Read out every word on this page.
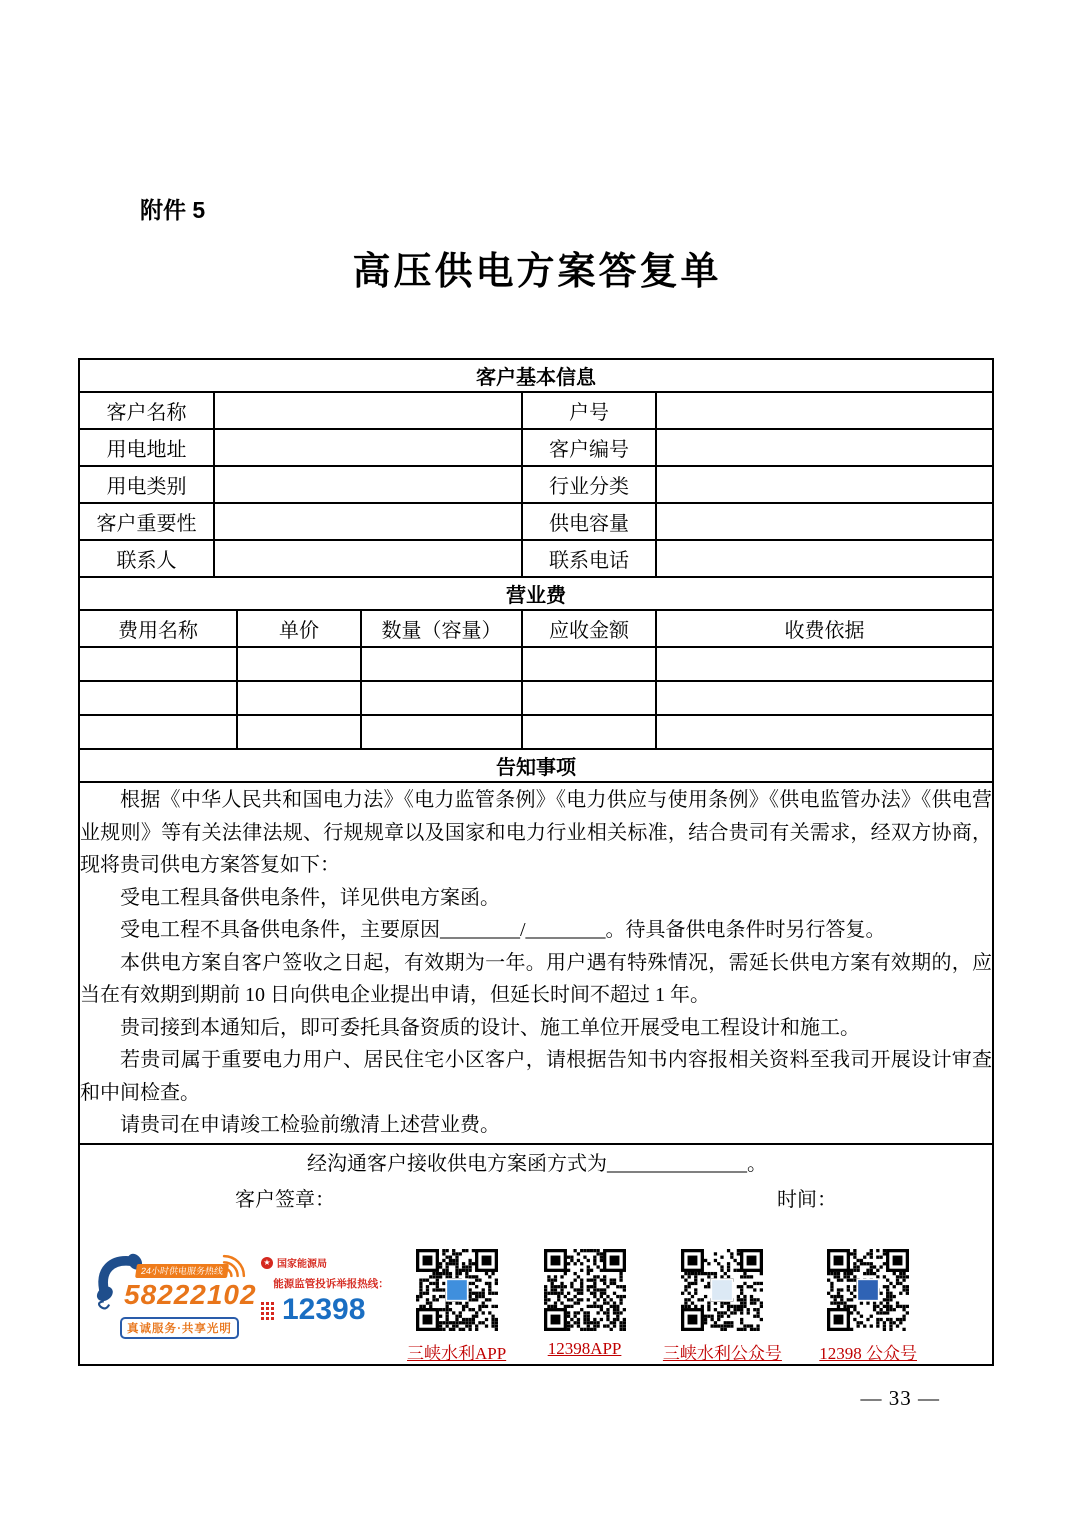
附件 5
高压供电方案答复单
客户基本信息					
客户名称				户号	
用电地址				客户编号	
用电类别				行业分类	
客户重要性				供电容量	
联系人				联系电话	
营业费					
费用名称		单价	数量（容量）	应收金额	收费依据

告知事项					

根据《中华人民共和国电力法》《电力监管条例》《电力供应与使用条例》《供电监管办法》《供电营业规则》等有关法律法规、行规规章以及国家和电力行业相关标准，结合贵司有关需求，经双方协商，现将贵司供电方案答复如下：

受电工程具备供电条件，详见供电方案函。

受电工程不具备供电条件，主要原因________/________。待具备供电条件时另行答复。

本供电方案自客户签收之日起，有效期为一年。用户遇有特殊情况，需延长供电方案有效期的，应当在有效期到期前 10 日向供电企业提出申请，但延长时间不超过 1 年。

贵司接到本通知后，即可委托具备资质的设计、施工单位开展受电工程设计和施工。

若贵司属于重要电力用户、居民住宅小区客户，请根据告知书内容报相关资料至我司开展设计审查和中间检查。

请贵司在申请竣工检验前缴清上述营业费。

经沟通客户接收供电方案函方式为______________。
客户签章：	时间：
24小时供电服务热线
58222102
真诚服务·共享光明
★ 国家能源局
能源监管投诉举报热线：
12398
三峡水利APP 12398APP 三峡水利公众号 12398 公众号
— 33 —
